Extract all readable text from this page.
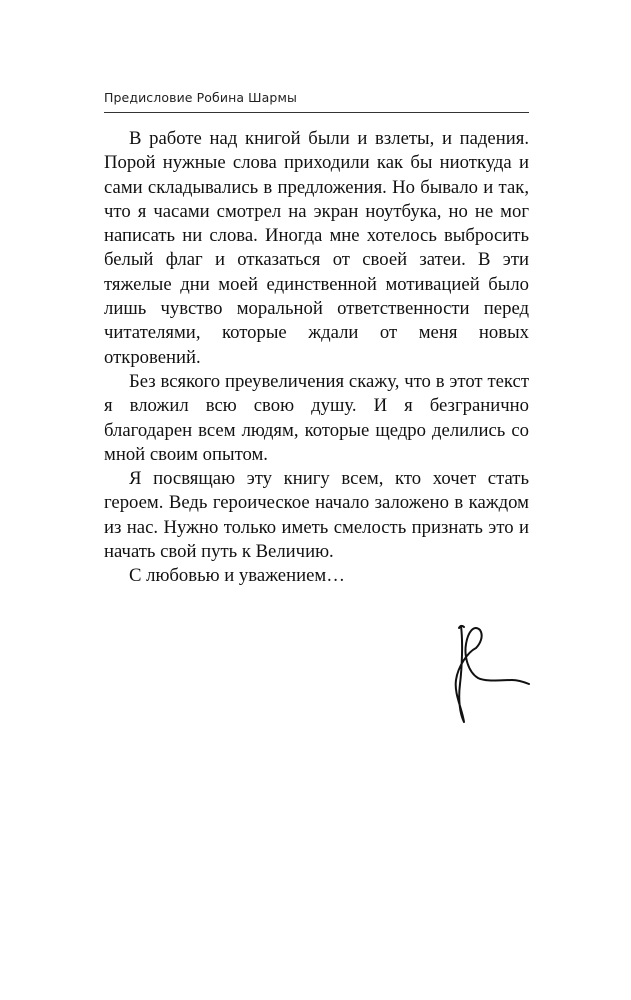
Предисловие Робина Шармы

В работе над книгой были и взлеты, и падения. Порой нужные слова приходили как бы ниоткуда и сами складывались в предложения. Но бывало и так, что я часами смотрел на экран ноутбука, но не мог написать ни слова. Иногда мне хотелось выбросить белый флаг и отказаться от своей затеи. В эти тяжелые дни моей единственной мотивацией было лишь чувство моральной ответственности перед читателями, которые ждали от меня новых откровений.

Без всякого преувеличения скажу, что в этот текст я вложил всю свою душу. И я безгранично благодарен всем людям, которые щедро делились со мной своим опытом.

Я посвящаю эту книгу всем, кто хочет стать героем. Ведь героическое начало заложено в каждом из нас. Нужно только иметь смелость признать это и начать свой путь к Величию.

С любовью и уважением…
